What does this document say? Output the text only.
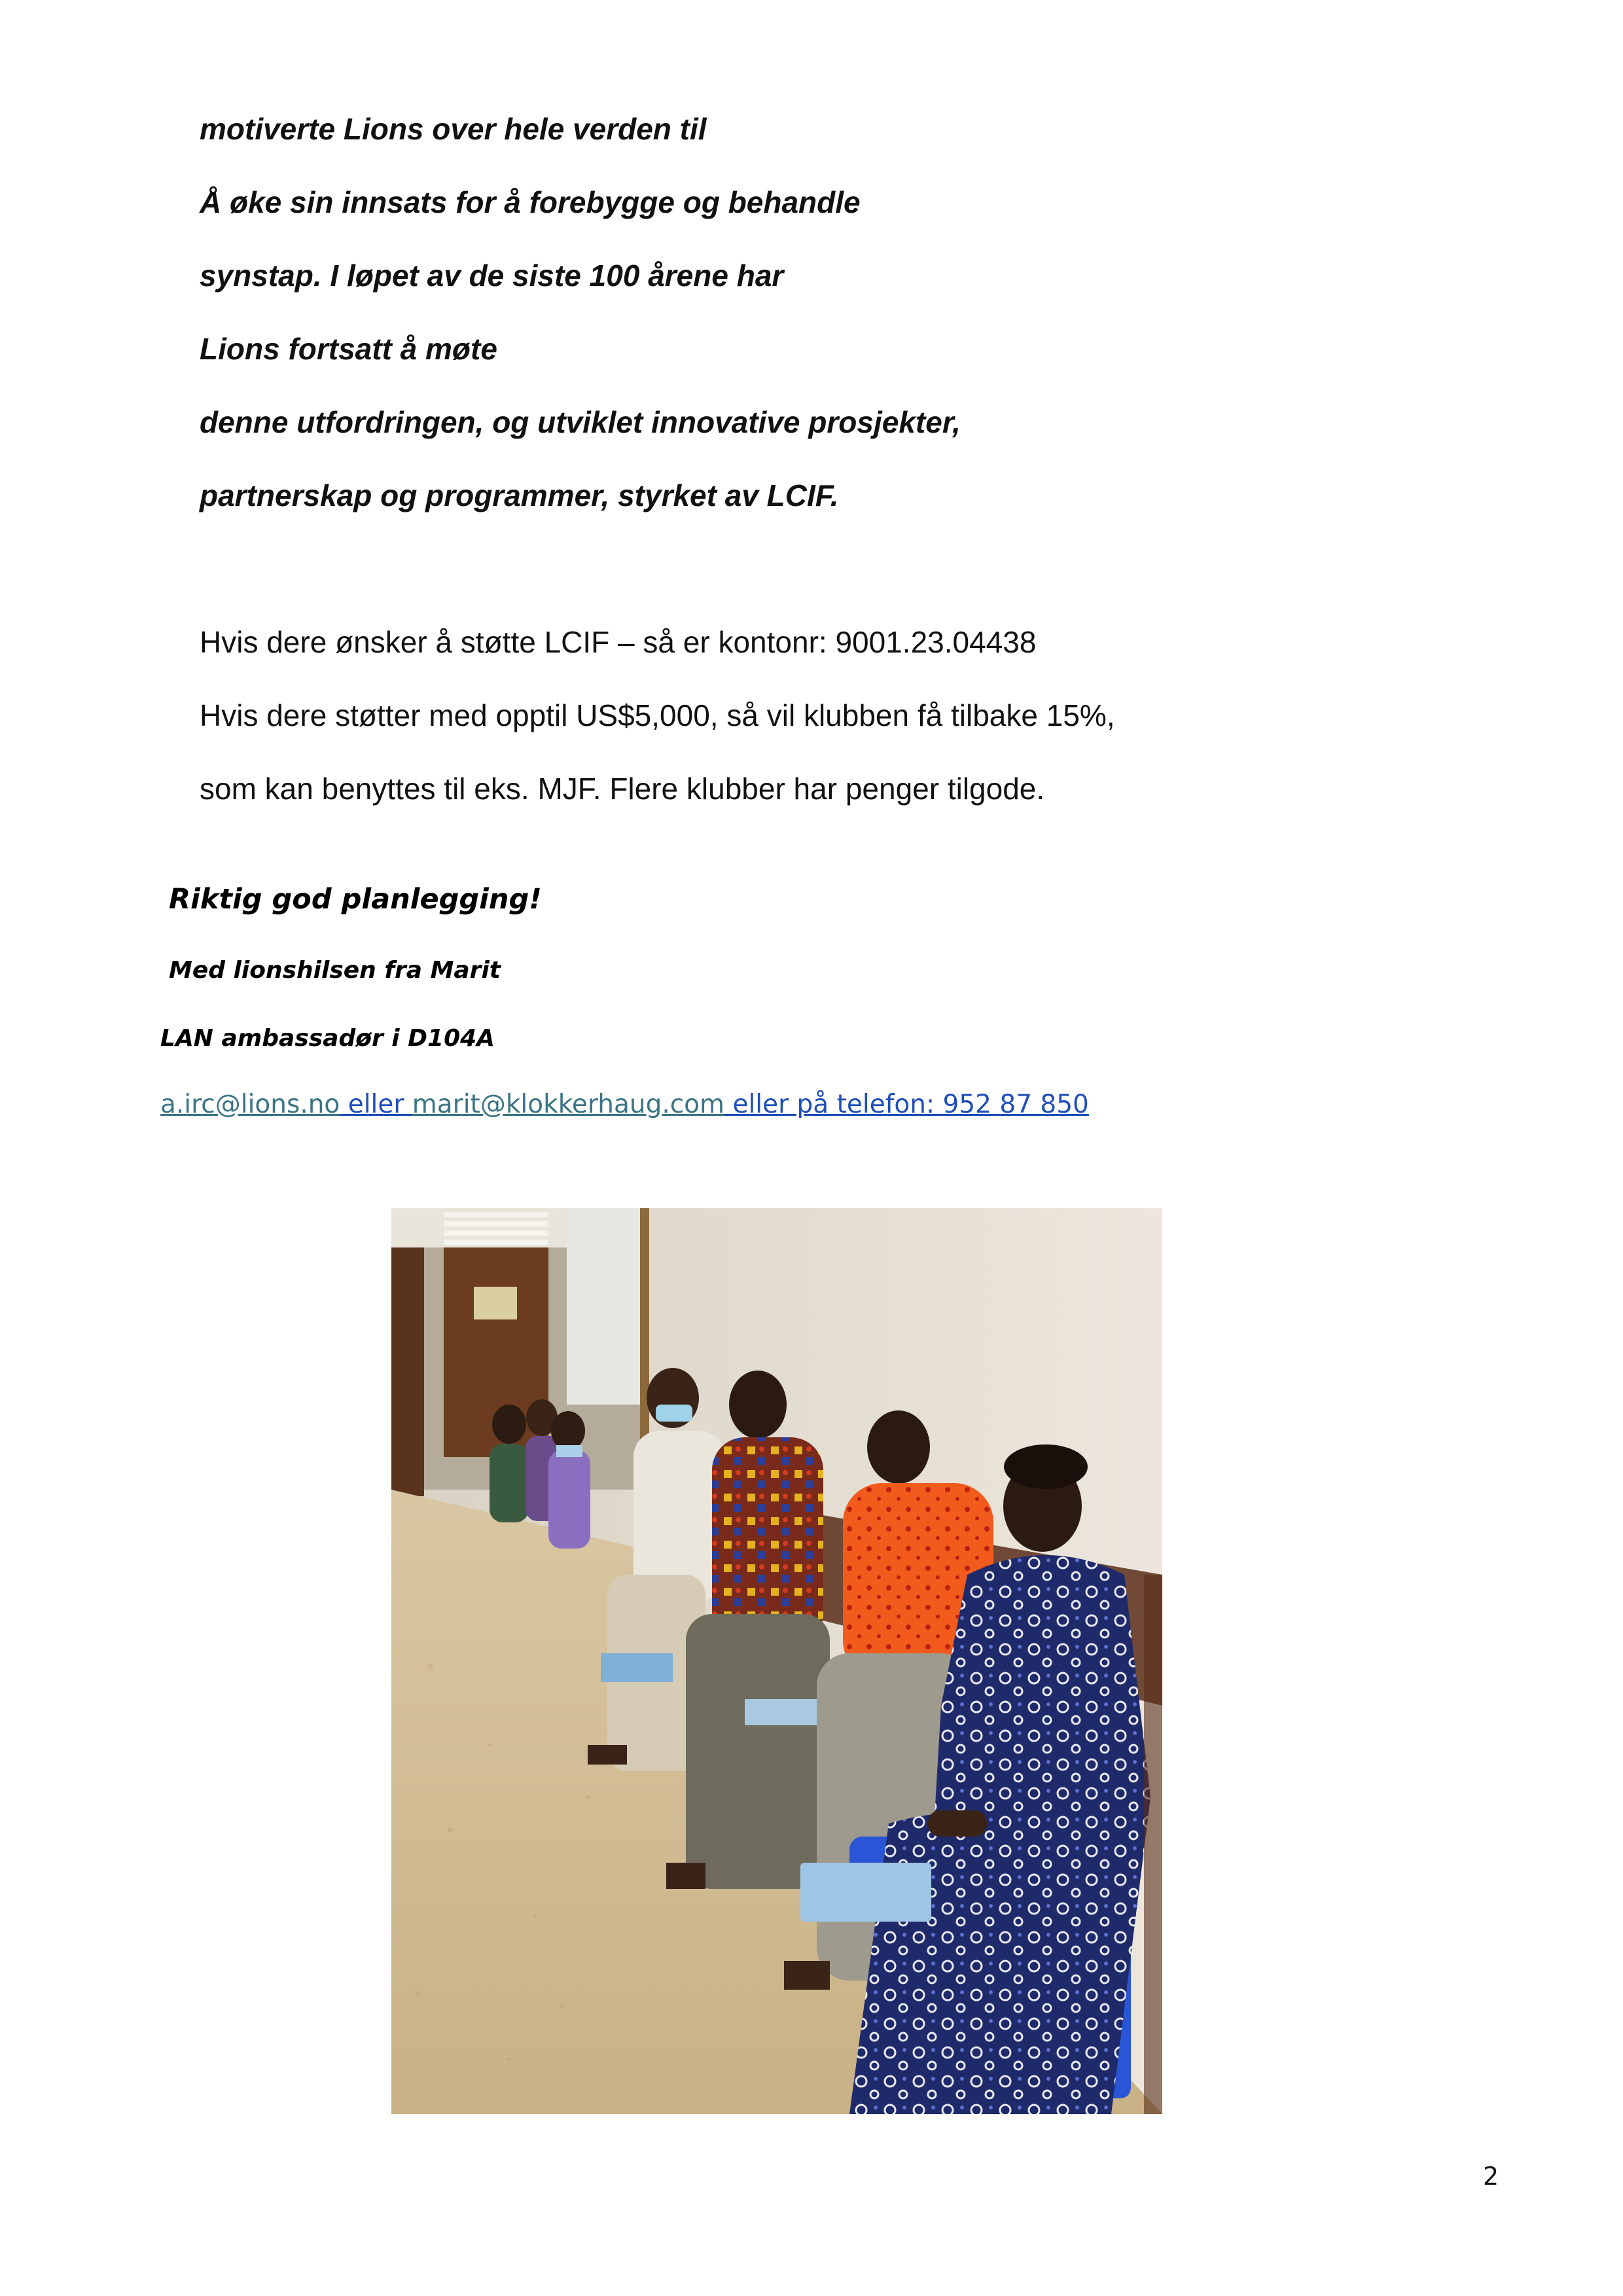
motiverte Lions over hele verden til
Å øke sin innsats for å forebygge og behandle
synstap. I løpet av de siste 100 årene har
Lions fortsatt å møte
denne utfordringen, og utviklet innovative prosjekter,
partnerskap og programmer, styrket av LCIF.
Hvis dere ønsker å støtte LCIF – så er kontonr: 9001.23.04438
Hvis dere støtter med opptil US$5,000, så vil klubben få tilbake 15%,
som kan benyttes til eks. MJF. Flere klubber har penger tilgode.
Riktig god planlegging!
Med lionshilsen fra Marit
LAN ambassadør i D104A
a.irc@lions.no eller marit@klokkerhaug.com eller på telefon: 952 87 850
2
